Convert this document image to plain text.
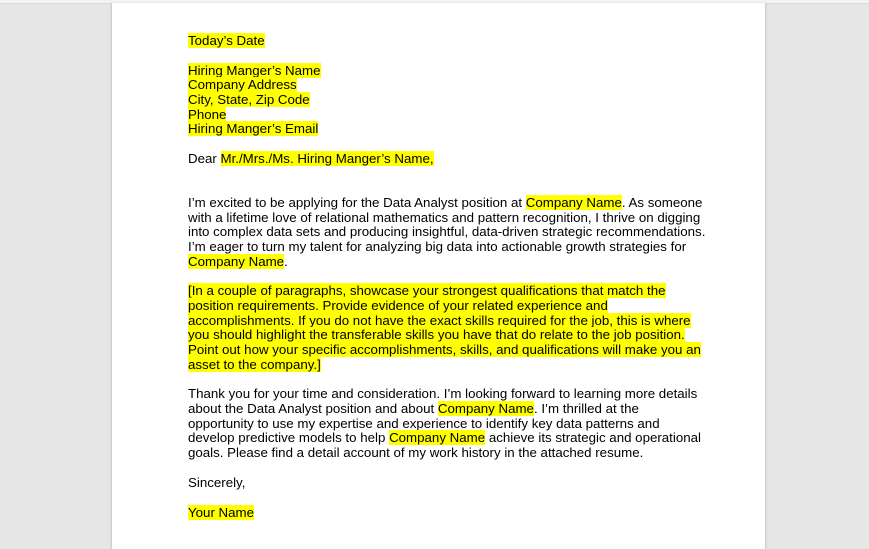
Today’s Date
Hiring Manger’s Name
Company Address
City, State, Zip Code
Phone
Hiring Manger’s Email
Dear Mr./Mrs./Ms. Hiring Manger’s Name,
I’m excited to be applying for the Data Analyst position at Company Name. As someone
with a lifetime love of relational mathematics and pattern recognition, I thrive on digging
into complex data sets and producing insightful, data-driven strategic recommendations.
I’m eager to turn my talent for analyzing big data into actionable growth strategies for
Company Name.
[In a couple of paragraphs, showcase your strongest qualifications that match the
position requirements. Provide evidence of your related experience and
accomplishments. If you do not have the exact skills required for the job, this is where
you should highlight the transferable skills you have that do relate to the job position.
Point out how your specific accomplishments, skills, and qualifications will make you an
asset to the company.]
Thank you for your time and consideration. I’m looking forward to learning more details
about the Data Analyst position and about Company Name. I’m thrilled at the
opportunity to use my expertise and experience to identify key data patterns and
develop predictive models to help Company Name achieve its strategic and operational
goals. Please find a detail account of my work history in the attached resume.
Sincerely,
Your Name
